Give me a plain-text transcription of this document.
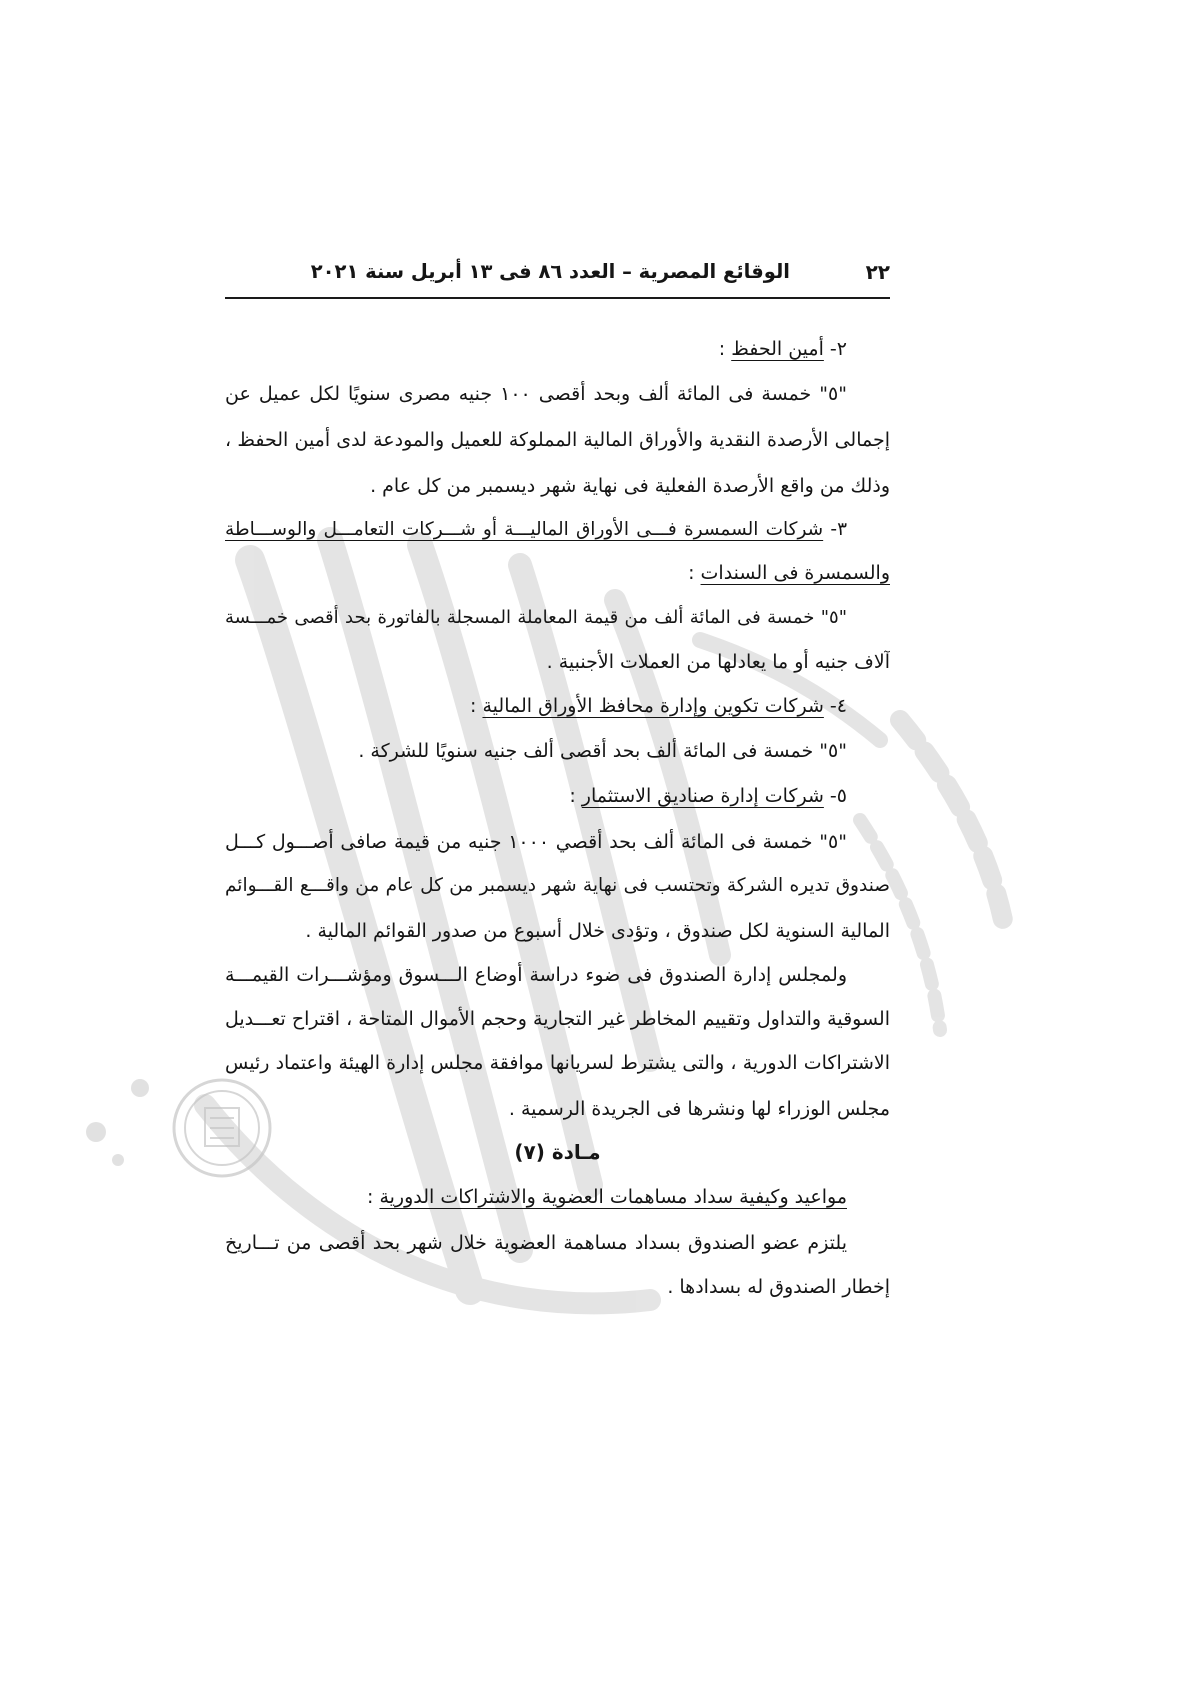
٢٢
الوقائع المصرية – العدد ٨٦ فى ١٣ أبريل سنة ٢٠٢١
٢- أمين الحفظ :
"٥" خمسة فى المائة ألف وبحد أقصى ١٠٠ جنيه مصرى سنويًا لكل عميل عن
إجمالى الأرصدة النقدية والأوراق المالية المملوكة للعميل والمودعة لدى أمين الحفظ ،
وذلك من واقع الأرصدة الفعلية فى نهاية شهر ديسمبر من كل عام .
٣- شركات السمسرة فـــى الأوراق الماليـــة أو شـــركات التعامـــل والوســـاطة
والسمسرة فى السندات :
"٥" خمسة فى المائة ألف من قيمة المعاملة المسجلة بالفاتورة بحد أقصى خمـــسة
آلاف جنيه أو ما يعادلها من العملات الأجنبية .
٤- شركات تكوين وإدارة محافظ الأوراق المالية :
"٥" خمسة فى المائة ألف بحد أقصى ألف جنيه سنويًا للشركة .
٥- شركات إدارة صناديق الاستثمار :
"٥" خمسة فى المائة ألف بحد أقصي ١٠٠٠ جنيه من قيمة صافى أصـــول كـــل
صندوق تديره الشركة وتحتسب فى نهاية شهر ديسمبر من كل عام من واقـــع القـــوائم
المالية السنوية لكل صندوق ، وتؤدى خلال أسبوع من صدور القوائم المالية .
ولمجلس إدارة الصندوق فى ضوء دراسة أوضاع الـــسوق ومؤشـــرات القيمـــة
السوقية والتداول وتقييم المخاطر غير التجارية وحجم الأموال المتاحة ، اقتراح تعـــديل
الاشتراكات الدورية ، والتى يشترط لسريانها موافقة مجلس إدارة الهيئة واعتماد رئيس
مجلس الوزراء لها ونشرها فى الجريدة الرسمية .
مـادة (٧)
مواعيد وكيفية سداد مساهمات العضوية والاشتراكات الدورية :
يلتزم عضو الصندوق بسداد مساهمة العضوية خلال شهر بحد أقصى من تـــاريخ
إخطار الصندوق له بسدادها .
